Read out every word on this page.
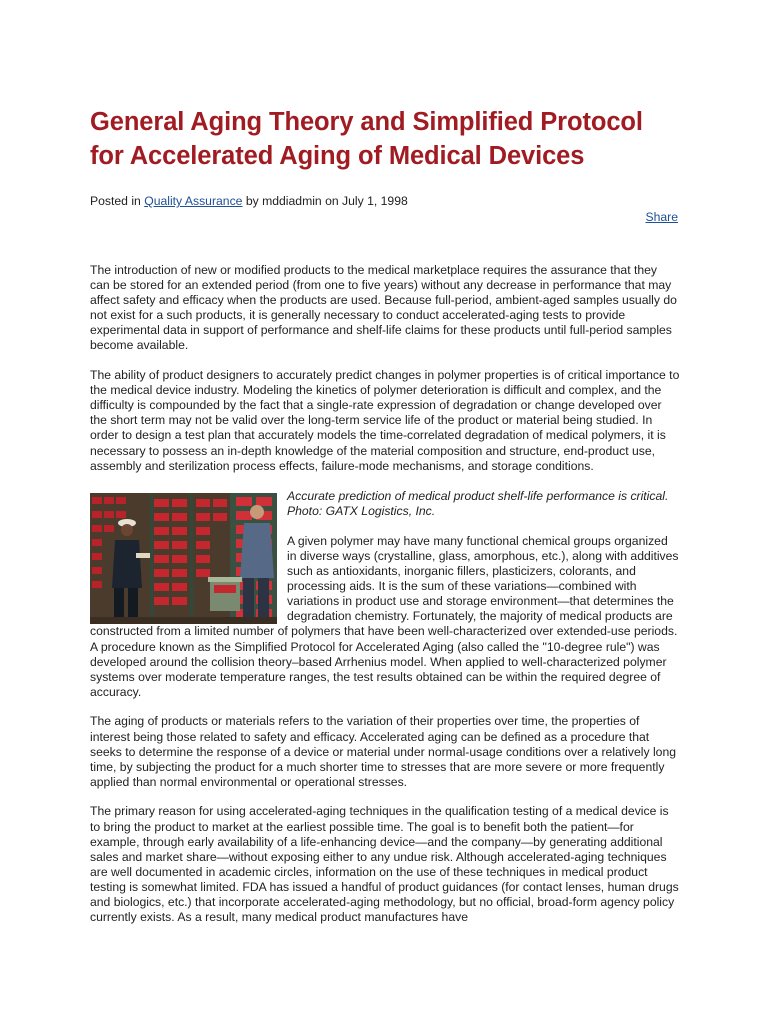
General Aging Theory and Simplified Protocol for Accelerated Aging of Medical Devices
Posted in Quality Assurance by mddiadmin on July 1, 1998
Share

The introduction of new or modified products to the medical marketplace requires the assurance that they can be stored for an extended period (from one to five years) without any decrease in performance that may affect safety and efficacy when the products are used. Because full-period, ambient-aged samples usually do not exist for a such products, it is generally necessary to conduct accelerated-aging tests to provide experimental data in support of performance and shelf-life claims for these products until full-period samples become available.

The ability of product designers to accurately predict changes in polymer properties is of critical importance to the medical device industry. Modeling the kinetics of polymer deterioration is difficult and complex, and the difficulty is compounded by the fact that a single-rate expression of degradation or change developed over the short term may not be valid over the long-term service life of the product or material being studied. In order to design a test plan that accurately models the time-correlated degradation of medical polymers, it is necessary to possess an in-depth knowledge of the material composition and structure, end-product use, assembly and sterilization process effects, failure-mode mechanisms, and storage conditions.

Accurate prediction of medical product shelf-life performance is critical. Photo: GATX Logistics, Inc.

A given polymer may have many functional chemical groups organized in diverse ways (crystalline, glass, amorphous, etc.), along with additives such as antioxidants, inorganic fillers, plasticizers, colorants, and processing aids. It is the sum of these variations—combined with variations in product use and storage environment—that determines the degradation chemistry. Fortunately, the majority of medical products are constructed from a limited number of polymers that have been well-characterized over extended-use periods. A procedure known as the Simplified Protocol for Accelerated Aging (also called the "10-degree rule") was developed around the collision theory–based Arrhenius model. When applied to well-characterized polymer systems over moderate temperature ranges, the test results obtained can be within the required degree of accuracy.

The aging of products or materials refers to the variation of their properties over time, the properties of interest being those related to safety and efficacy. Accelerated aging can be defined as a procedure that seeks to determine the response of a device or material under normal-usage conditions over a relatively long time, by subjecting the product for a much shorter time to stresses that are more severe or more frequently applied than normal environmental or operational stresses.

The primary reason for using accelerated-aging techniques in the qualification testing of a medical device is to bring the product to market at the earliest possible time. The goal is to benefit both the patient—for example, through early availability of a life-enhancing device—and the company—by generating additional sales and market share—without exposing either to any undue risk. Although accelerated-aging techniques are well documented in academic circles, information on the use of these techniques in medical product testing is somewhat limited. FDA has issued a handful of product guidances (for contact lenses, human drugs and biologics, etc.) that incorporate accelerated-aging methodology, but no official, broad-form agency policy currently exists. As a result, many medical product manufactures have
